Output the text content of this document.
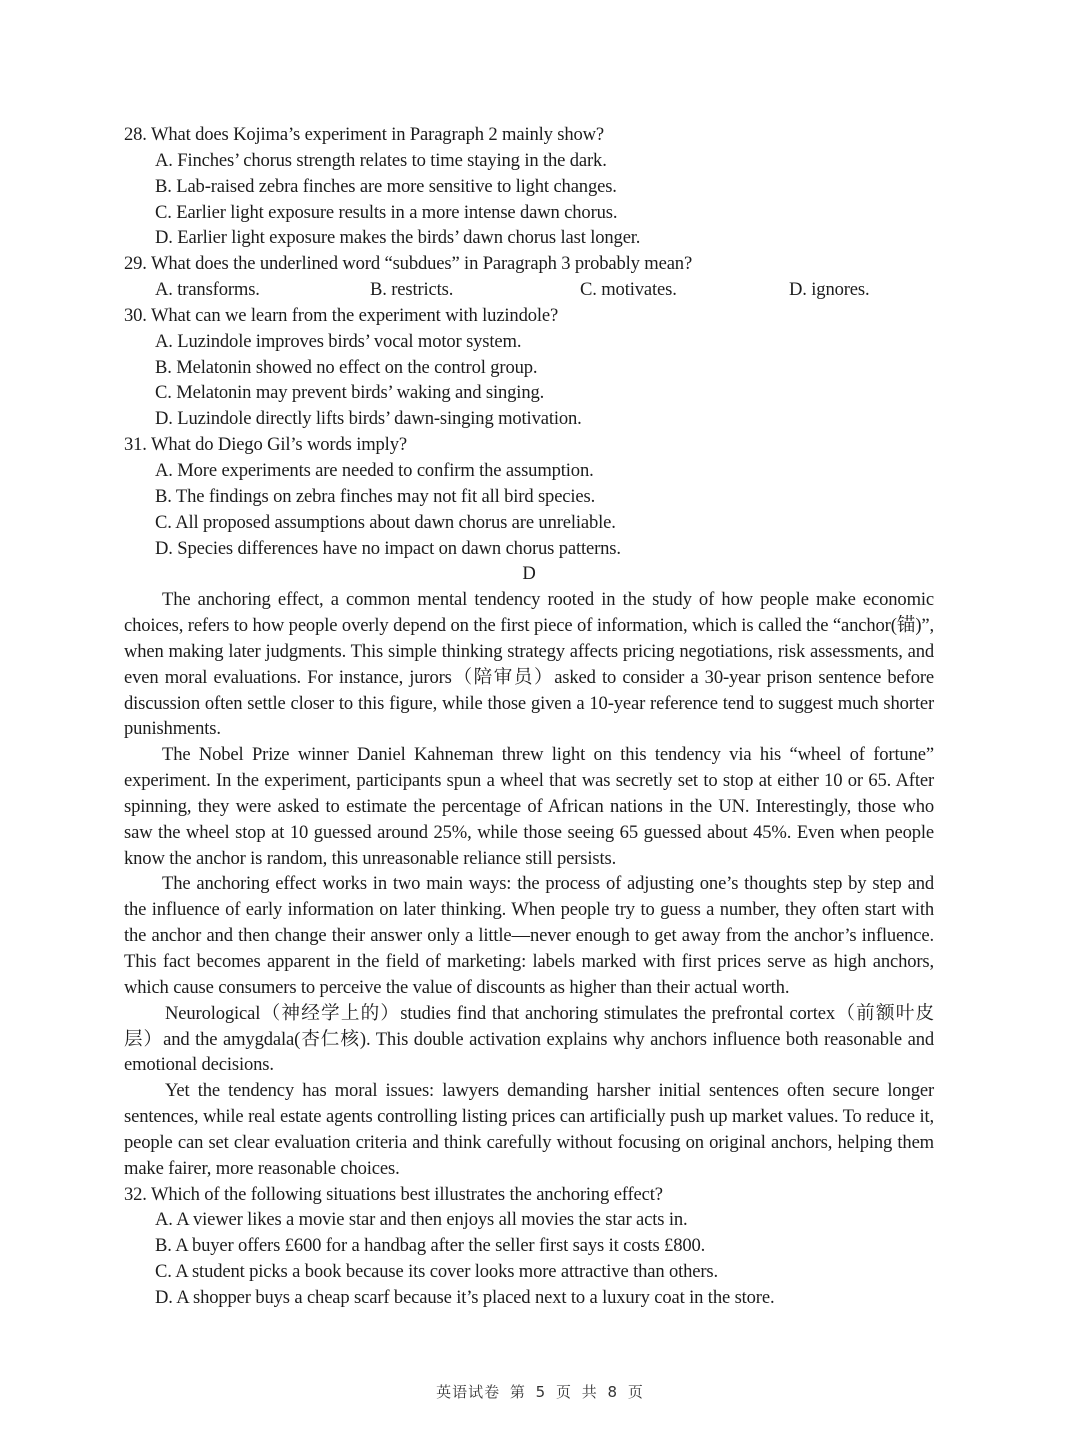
28. What does Kojima’s experiment in Paragraph 2 mainly show?
A. Finches’ chorus strength relates to time staying in the dark.
B. Lab-raised zebra finches are more sensitive to light changes.
C. Earlier light exposure results in a more intense dawn chorus.
D. Earlier light exposure makes the birds’ dawn chorus last longer.
29. What does the underlined word “subdues” in Paragraph 3 probably mean?
A. transforms.	B. restricts.	C. motivates.	D. ignores.
30. What can we learn from the experiment with luzindole?
A. Luzindole improves birds’ vocal motor system.
B. Melatonin showed no effect on the control group.
C. Melatonin may prevent birds’ waking and singing.
D. Luzindole directly lifts birds’ dawn-singing motivation.
31. What do Diego Gil’s words imply?
A. More experiments are needed to confirm the assumption.
B. The findings on zebra finches may not fit all bird species.
C. All proposed assumptions about dawn chorus are unreliable.
D. Species differences have no impact on dawn chorus patterns.
D

The anchoring effect, a common mental tendency rooted in the study of how people make economic choices, refers to how people overly depend on the first piece of information, which is called the “anchor(锚)”, when making later judgments. This simple thinking strategy affects pricing negotiations, risk assessments, and even moral evaluations. For instance, jurors（陪审员）asked to consider a 30-year prison sentence before discussion often settle closer to this figure, while those given a 10-year reference tend to suggest much shorter punishments.

The Nobel Prize winner Daniel Kahneman threw light on this tendency via his “wheel of fortune” experiment. In the experiment, participants spun a wheel that was secretly set to stop at either 10 or 65. After spinning, they were asked to estimate the percentage of African nations in the UN. Interestingly, those who saw the wheel stop at 10 guessed around 25%, while those seeing 65 guessed about 45%. Even when people know the anchor is random, this unreasonable reliance still persists.

The anchoring effect works in two main ways: the process of adjusting one’s thoughts step by step and the influence of early information on later thinking. When people try to guess a number, they often start with the anchor and then change their answer only a little—never enough to get away from the anchor’s influence. This fact becomes apparent in the field of marketing: labels marked with first prices serve as high anchors, which cause consumers to perceive the value of discounts as higher than their actual worth.

Neurological（神经学上的）studies find that anchoring stimulates the prefrontal cortex（前额叶皮层）and the amygdala(杏仁核). This double activation explains why anchors influence both reasonable and emotional decisions.

Yet the tendency has moral issues: lawyers demanding harsher initial sentences often secure longer sentences, while real estate agents controlling listing prices can artificially push up market values. To reduce it, people can set clear evaluation criteria and think carefully without focusing on original anchors, helping them make fairer, more reasonable choices.

32. Which of the following situations best illustrates the anchoring effect?
A. A viewer likes a movie star and then enjoys all movies the star acts in.
B. A buyer offers £600 for a handbag after the seller first says it costs £800.
C. A student picks a book because its cover looks more attractive than others.
D. A shopper buys a cheap scarf because it’s placed next to a luxury coat in the store.
英语试卷 第 5 页 共 8 页
